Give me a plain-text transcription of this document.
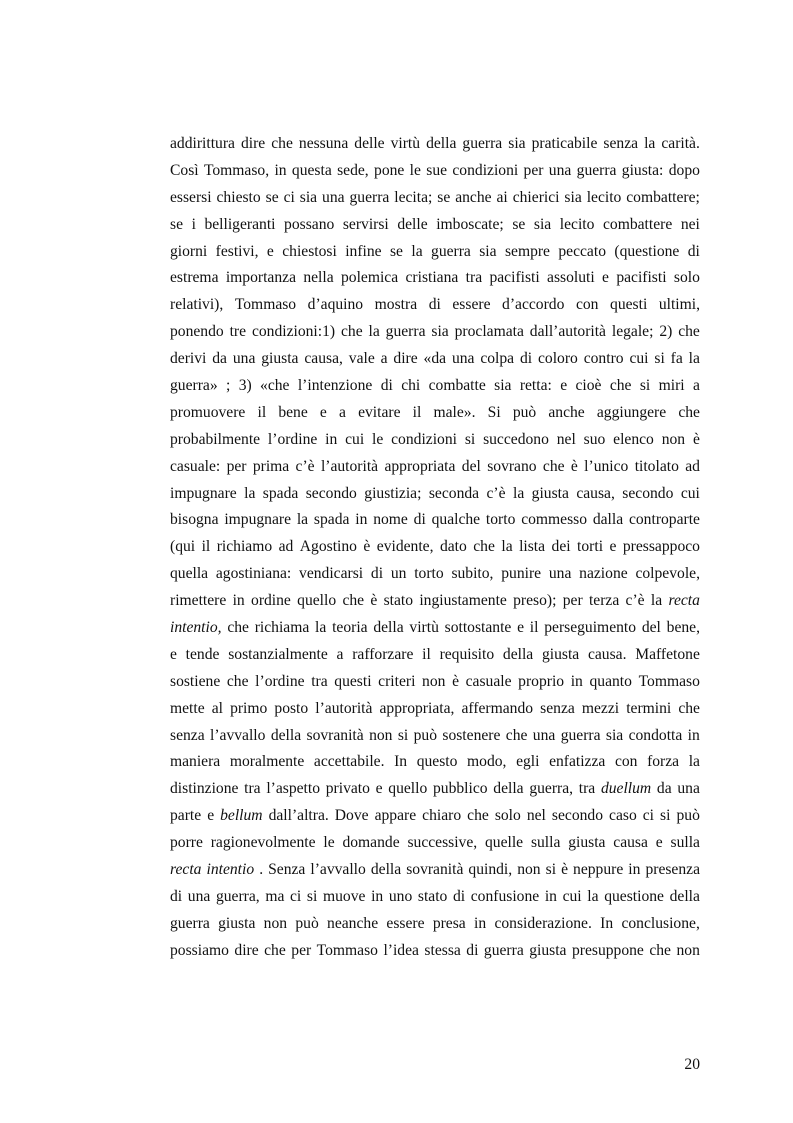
addirittura dire che nessuna delle virtù della guerra sia praticabile senza la carità.
Così Tommaso, in questa sede, pone le sue condizioni per una guerra giusta: dopo
essersi chiesto se ci sia una guerra lecita; se anche ai chierici sia lecito combattere;
se i belligeranti possano servirsi delle imboscate; se sia lecito combattere nei
giorni festivi, e chiestosi infine se la guerra sia sempre peccato (questione di
estrema importanza nella polemica cristiana tra pacifisti assoluti e pacifisti solo
relativi), Tommaso d’aquino mostra di essere d’accordo con questi ultimi,
ponendo tre condizioni:1) che la guerra sia proclamata dall’autorità legale; 2) che
derivi da una giusta causa, vale a dire «da una colpa di coloro contro cui si fa la
guerra» ; 3) «che l’intenzione di chi combatte sia retta: e cioè che si miri a
promuovere il bene e a evitare il male». Si può anche aggiungere che
probabilmente l’ordine in cui le condizioni si succedono nel suo elenco non è
casuale: per prima c’è l’autorità appropriata del sovrano che è l’unico titolato ad
impugnare la spada secondo giustizia; seconda c’è la giusta causa, secondo cui
bisogna impugnare la spada in nome di qualche torto commesso dalla controparte
(qui il richiamo ad Agostino è evidente, dato che la lista dei torti e pressappoco
quella agostiniana: vendicarsi di un torto subito, punire una nazione colpevole,
rimettere in ordine quello che è stato ingiustamente preso); per terza c’è la recta
intentio, che richiama la teoria della virtù sottostante e il perseguimento del bene,
e tende sostanzialmente a rafforzare il requisito della giusta causa. Maffetone
sostiene che l’ordine tra questi criteri non è casuale proprio in quanto Tommaso
mette al primo posto l’autorità appropriata, affermando senza mezzi termini che
senza l’avvallo della sovranità non si può sostenere che una guerra sia condotta in
maniera moralmente accettabile. In questo modo, egli enfatizza con forza la
distinzione tra l’aspetto privato e quello pubblico della guerra, tra duellum da una
parte e bellum dall’altra. Dove appare chiaro che solo nel secondo caso ci si può
porre ragionevolmente le domande successive, quelle sulla giusta causa e sulla
recta intentio . Senza l’avvallo della sovranità quindi, non si è neppure in presenza
di una guerra, ma ci si muove in uno stato di confusione in cui la questione della
guerra giusta non può neanche essere presa in considerazione. In conclusione,
possiamo dire che per Tommaso l’idea stessa di guerra giusta presuppone che non
20
